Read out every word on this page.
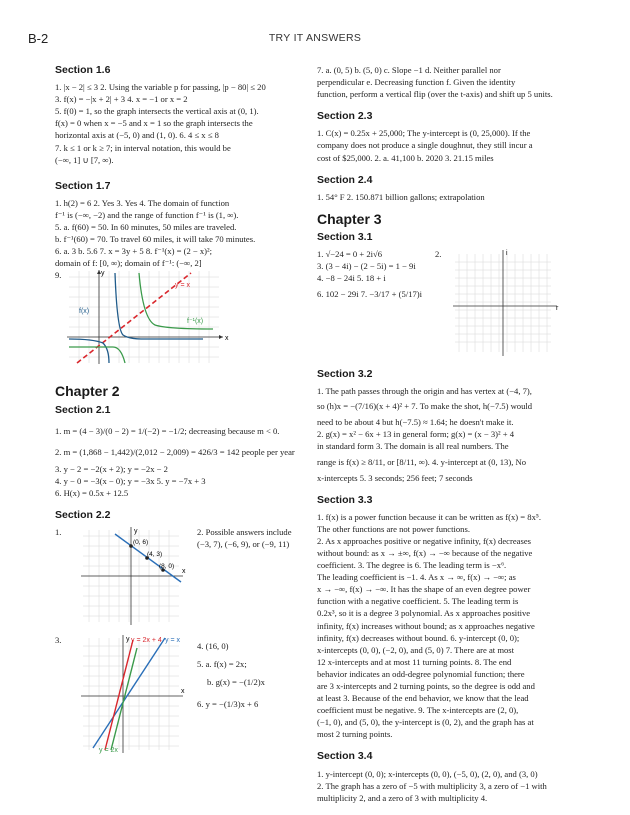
B-2	TRY IT ANSWERS
Section 1.6

1. |x − 2| ≤ 3 2. Using the variable p for passing, |p − 80| ≤ 20

3. f(x) = −|x + 2| + 3 4. x = −1 or x = 2

5. f(0) = 1, so the graph intersects the vertical axis at (0, 1).

f(x) = 0 when x = −5 and x = 1 so the graph intersects the

horizontal axis at (−5, 0) and (1, 0). 6. 4 ≤ x ≤ 8

7. k ≤ 1 or k ≥ 7; in interval notation, this would be

(−∞, 1] ∪ [7, ∞).

Section 1.7

1. h(2) = 6 2. Yes 3. Yes 4. The domain of function

f⁻¹ is (−∞, −2) and the range of function f⁻¹ is (1, ∞).

5. a. f(60) = 50. In 60 minutes, 50 miles are traveled.

b. f⁻¹(60) = 70. To travel 60 miles, it will take 70 minutes.

6. a. 3 b. 5.6 7. x = 3y + 5 8. f⁻¹(x) = (2 − x)²;

domain of f: [0, ∞); domain of f⁻¹: (−∞, 2]

9.
x
y
y = x
f(x)
f⁻¹(x)
Chapter 2
Section 2.1

1. m = (4 − 3)/(0 − 2) = 1/(−2) = −1/2; decreasing because m < 0.

2. m = (1,868 − 1,442)/(2,012 − 2,009) = 426/3 = 142 people per year

3. y − 2 = −2(x + 2); y = −2x − 2

4. y − 0 = −3(x − 0); y = −3x 5. y = −7x + 3

6. H(x) = 0.5x + 12.5

Section 2.2
1.
x
y
(0, 6)
(4, 3)
(8, 0)

2. Possible answers include

(−3, 7), (−6, 9), or (−9, 11)

3.
x
y y = 2x + 4 y = x
y = 2x

4. (16, 0)

5. a. f(x) = 2x;

b. g(x) = −(1/2)x

6. y = −(1/3)x + 6

7. a. (0, 5) b. (5, 0) c. Slope −1 d. Neither parallel nor

perpendicular e. Decreasing function f. Given the identity

function, perform a vertical flip (over the t-axis) and shift up 5 units.

Section 2.3

1. C(x) = 0.25x + 25,000; The y-intercept is (0, 25,000). If the

company does not produce a single doughnut, they still incur a

cost of $25,000. 2. a. 41,100 b. 2020 3. 21.15 miles

Section 2.4

1. 54° F 2. 150.871 billion gallons; extrapolation

Chapter 3
Section 3.1

1. √−24 = 0 + 2i√6

3. (3 − 4i) − (2 − 5i) = 1 − 9i

4. −8 − 24i 5. 18 + i

6. 102 − 29i 7. −3/17 + (5/17)i

2.
r
i
Section 3.2

1. The path passes through the origin and has vertex at (−4, 7),

so (h)x = −(7/16)(x + 4)² + 7. To make the shot, h(−7.5) would

need to be about 4 but h(−7.5) ≈ 1.64; he doesn't make it.

2. g(x) = x² − 6x + 13 in general form; g(x) = (x − 3)² + 4

in standard form 3. The domain is all real numbers. The

range is f(x) ≥ 8/11, or [8/11, ∞). 4. y-intercept at (0, 13), No

x-intercepts 5. 3 seconds; 256 feet; 7 seconds

Section 3.3

1. f(x) is a power function because it can be written as f(x) = 8x⁵.

The other functions are not power functions.

2. As x approaches positive or negative infinity, f(x) decreases

without bound: as x → ±∞, f(x) → −∞ because of the negative

coefficient. 3. The degree is 6. The leading term is −x⁶.

The leading coefficient is −1. 4. As x → ∞, f(x) → −∞; as

x → −∞, f(x) → −∞. It has the shape of an even degree power

function with a negative coefficient. 5. The leading term is

0.2x³, so it is a degree 3 polynomial. As x approaches positive

infinity, f(x) increases without bound; as x approaches negative

infinity, f(x) decreases without bound. 6. y-intercept (0, 0);

x-intercepts (0, 0), (−2, 0), and (5, 0) 7. There are at most

12 x-intercepts and at most 11 turning points. 8. The end

behavior indicates an odd-degree polynomial function; there

are 3 x-intercepts and 2 turning points, so the degree is odd and

at least 3. Because of the end behavior, we know that the lead

coefficient must be negative. 9. The x-intercepts are (2, 0),

(−1, 0), and (5, 0), the y-intercept is (0, 2), and the graph has at

most 2 turning points.

Section 3.4

1. y-intercept (0, 0); x-intercepts (0, 0), (−5, 0), (2, 0), and (3, 0)

2. The graph has a zero of −5 with multiplicity 3, a zero of −1 with

multiplicity 2, and a zero of 3 with multiplicity 4.
